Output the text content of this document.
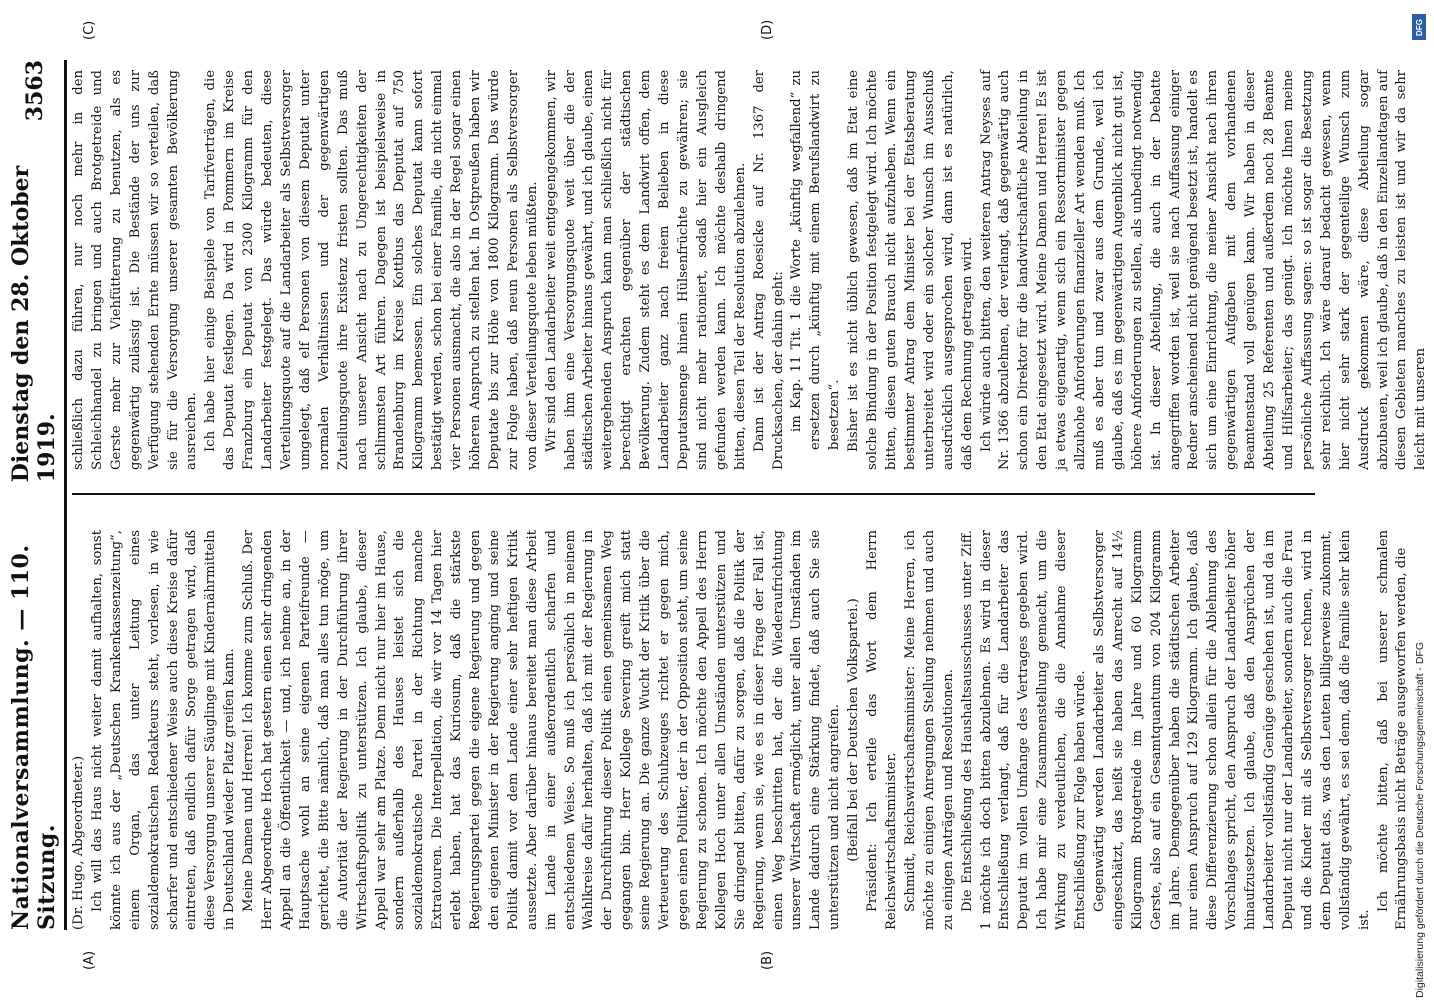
Nationalversammlung. — 110. Sitzung.
Dienstag den 28. Oktober 1919.
3563
(A)	(B)
(C)	(D)

(Dr. Hugo, Abgeordneter.) Ich will das Haus nicht weiter damit aufhalten, sonst könnte ich aus der „Deutschen Krankenkassenzeitung“, einem Organ, das unter Leitung eines sozialdemokratischen Redakteurs steht, vorlesen, in wie scharfer und entschiedener Weise auch diese Kreise dafür eintreten, daß endlich dafür Sorge getragen wird, daß diese Versorgung unserer Säuglinge mit Kindernährmitteln in Deutschland wieder Platz greifen kann. Meine Damen und Herren! Ich komme zum Schluß. Der Herr Abgeordnete Hoch hat gestern einen sehr dringenden Appell an die Öffentlichkeit — und, ich nehme an, in der Hauptsache wohl an seine eigenen Parteifreunde — gerichtet, die Bitte nämlich, daß man alles tun möge, um die Autorität der Regierung in der Durchführung ihrer Wirtschaftspolitik zu unterstützen. Ich glaube, dieser Appell war sehr am Platze. Denn nicht nur hier im Hause, sondern außerhalb des Hauses leistet sich die sozialdemokratische Partei in der Richtung manche Extratouren. Die Interpellation, die wir vor 14 Tagen hier erlebt haben, hat das Kuriosum, daß die stärkste Regierungspartei gegen die eigene Regierung und gegen den eigenen Minister in der Regierung anging und seine Politik damit vor dem Lande einer sehr heftigen Kritik aussetzte. Aber darüber hinaus bereitet man diese Arbeit im Lande in einer außerordentlich scharfen und entschiedenen Weise. So muß ich persönlich in meinem Wahlkreise dafür herhalten, daß ich mit der Regierung in der Durchführung dieser Politik einen gemeinsamen Weg gegangen bin. Herr Kollege Severing greift mich statt seine Regierung an. Die ganze Wucht der Kritik über die Verteuerung des Schuhzeuges richtet er gegen mich, gegen einen Politiker, der in der Opposition steht, um seine Regierung zu schonen. Ich möchte den Appell des Herrn Kollegen Hoch unter allen Umständen unterstützen und Sie dringend bitten, dafür zu sorgen, daß die Politik der Regierung, wenn sie, wie es in dieser Frage der Fall ist, einen Weg beschritten hat, der die Wiederaufrichtung unserer Wirtschaft ermöglicht, unter allen Umständen im Lande dadurch eine Stärkung findet, daß auch Sie sie unterstützen und nicht angreifen. (Beifall bei der Deutschen Volkspartei.) Präsident: Ich erteile das Wort dem Herrn Reichswirtschaftsminister. Schmidt, Reichswirtschaftsminister: Meine Herren, ich möchte zu einigen Anregungen Stellung nehmen und auch zu einigen Anträgen und Resolutionen. Die Entschließung des Haushaltsausschusses unter Ziff. 1 möchte ich doch bitten abzulehnen. Es wird in dieser Entschließung verlangt, daß für die Landarbeiter das Deputat im vollen Umfange des Vertrages gegeben wird. Ich habe mir eine Zusammenstellung gemacht, um die Wirkung zu verdeutlichen, die die Annahme dieser Entschließung zur Folge haben würde. Gegenwärtig werden Landarbeiter als Selbstversorger eingeschätzt, das heißt sie haben das Anrecht auf 14½ Kilogramm Brotgetreide im Jahre und 60 Kilogramm Gerste, also auf ein Gesamtquantum von 204 Kilogramm im Jahre. Demgegenüber haben die städtischen Arbeiter nur einen Anspruch auf 129 Kilogramm. Ich glaube, daß diese Differenzierung schon allein für die Ablehnung des Vorschlages spricht, den Anspruch der Landarbeiter höher hinaufzusetzen. Ich glaube, daß den Ansprüchen der Landarbeiter vollständig Genüge geschehen ist, und da im Deputat nicht nur der Landarbeiter, sondern auch die Frau und die Kinder mit als Selbstversorger rechnen, wird in dem Deputat das, was den Leuten billigerweise zukommt, vollständig gewährt, es sei denn, daß die Familie sehr klein ist.

Ich möchte bitten, daß bei unserer schmalen Ernährungsbasis nicht Beträge ausgeworfen werden, die

schließlich dazu führen, nur noch mehr in den Schleichhandel zu bringen und auch Brotgetreide und Gerste mehr zur Viehfütterung zu benutzen, als es gegenwärtig zulässig ist. Die Bestände der uns zur Verfügung stehenden Ernte müssen wir so verteilen, daß sie für die Versorgung unserer gesamten Bevölkerung ausreichen. Ich habe hier einige Beispiele von Tarifverträgen, die das Deputat festlegen. Da wird in Pommern im Kreise Franzburg ein Deputat von 2300 Kilogramm für den Landarbeiter festgelegt. Das würde bedeuten, diese Verteilungsquote auf die Landarbeiter als Selbstversorger umgelegt, daß elf Personen von diesem Deputat unter normalen Verhältnissen und der gegenwärtigen Zuteilungsquote ihre Existenz fristen sollten. Das muß nach unserer Ansicht nach zu Ungerechtigkeiten der schlimmsten Art führen. Dagegen ist beispielsweise in Brandenburg im Kreise Kottbus das Deputat auf 750 Kilogramm bemessen. Ein solches Deputat kann sofort bestätigt werden, schon bei einer Familie, die nicht einmal vier Personen ausmacht, die also in der Regel sogar einen höheren Anspruch zu stellen hat. In Ostpreußen haben wir Deputate bis zur Höhe von 1800 Kilogramm. Das würde zur Folge haben, daß neun Personen als Selbstversorger von dieser Verteilungsquote leben müßten. Wir sind den Landarbeiter weit entgegengekommen, wir haben ihm eine Versorgungsquote weit über die der städtischen Arbeiter hinaus gewährt, und ich glaube, einen weitergehenden Anspruch kann man schließlich nicht für berechtigt erachten gegenüber der städtischen Bevölkerung. Zudem steht es dem Landwirt offen, dem Landarbeiter ganz nach freiem Belieben in diese Deputatsmenge hinein Hülsenfrüchte zu gewähren; sie sind nicht mehr rationiert, sodaß hier ein Ausgleich gefunden werden kann. Ich möchte deshalb dringend bitten, diesen Teil der Resolution abzulehnen. Dann ist der Antrag Roesicke auf Nr. 1367 der Drucksachen, der dahin geht: im Kap. 11 Tit. 1 die Worte „künftig wegfallend“ zu ersetzen durch „künftig mit einem Berufslandwirt zu besetzen“. Bisher ist es nicht üblich gewesen, daß im Etat eine solche Bindung in der Position festgelegt wird. Ich möchte bitten, diesen guten Brauch nicht aufzuheben. Wenn ein bestimmter Antrag dem Minister bei der Etatsberatung unterbreitet wird oder ein solcher Wunsch im Ausschuß ausdrücklich ausgesprochen wird, dann ist es natürlich, daß dem Rechnung getragen wird. Ich würde auch bitten, den weiteren Antrag Neyses auf Nr. 1366 abzulehnen, der verlangt, daß gegenwärtig auch schon ein Direktor für die landwirtschaftliche Abteilung in den Etat eingesetzt wird. Meine Damen und Herren! Es ist ja etwas eigenartig, wenn sich ein Ressortminister gegen allzuhohe Anforderungen finanzieller Art wenden muß. Ich muß es aber tun und zwar aus dem Grunde, weil ich glaube, daß es im gegenwärtigen Augenblick nicht gut ist, höhere Anforderungen zu stellen, als unbedingt notwendig ist. In dieser Abteilung, die auch in der Debatte angegriffen worden ist, weil sie nach Auffassung einiger Redner anscheinend nicht genügend besetzt ist, handelt es sich um eine Einrichtung, die meiner Ansicht nach ihren gegenwärtigen Aufgaben mit dem vorhandenen Beamtenstand voll genügen kann. Wir haben in dieser Abteilung 25 Referenten und außerdem noch 28 Beamte und Hilfsarbeiter; das genügt. Ich möchte Ihnen meine persönliche Auffassung sagen: so ist sogar die Besetzung sehr reichlich. Ich wäre darauf bedacht gewesen, wenn hier nicht sehr stark der gegenteilige Wunsch zum Ausdruck gekommen wäre, diese Abteilung sogar abzubauen, weil ich glaube, daß in den Einzellandtagen auf diesen Gebieten manches zu leisten ist und wir da sehr leicht mit unseren

DFG
Digitalisierung gefördert durch die Deutsche Forschungsgemeinschaft - DFG
